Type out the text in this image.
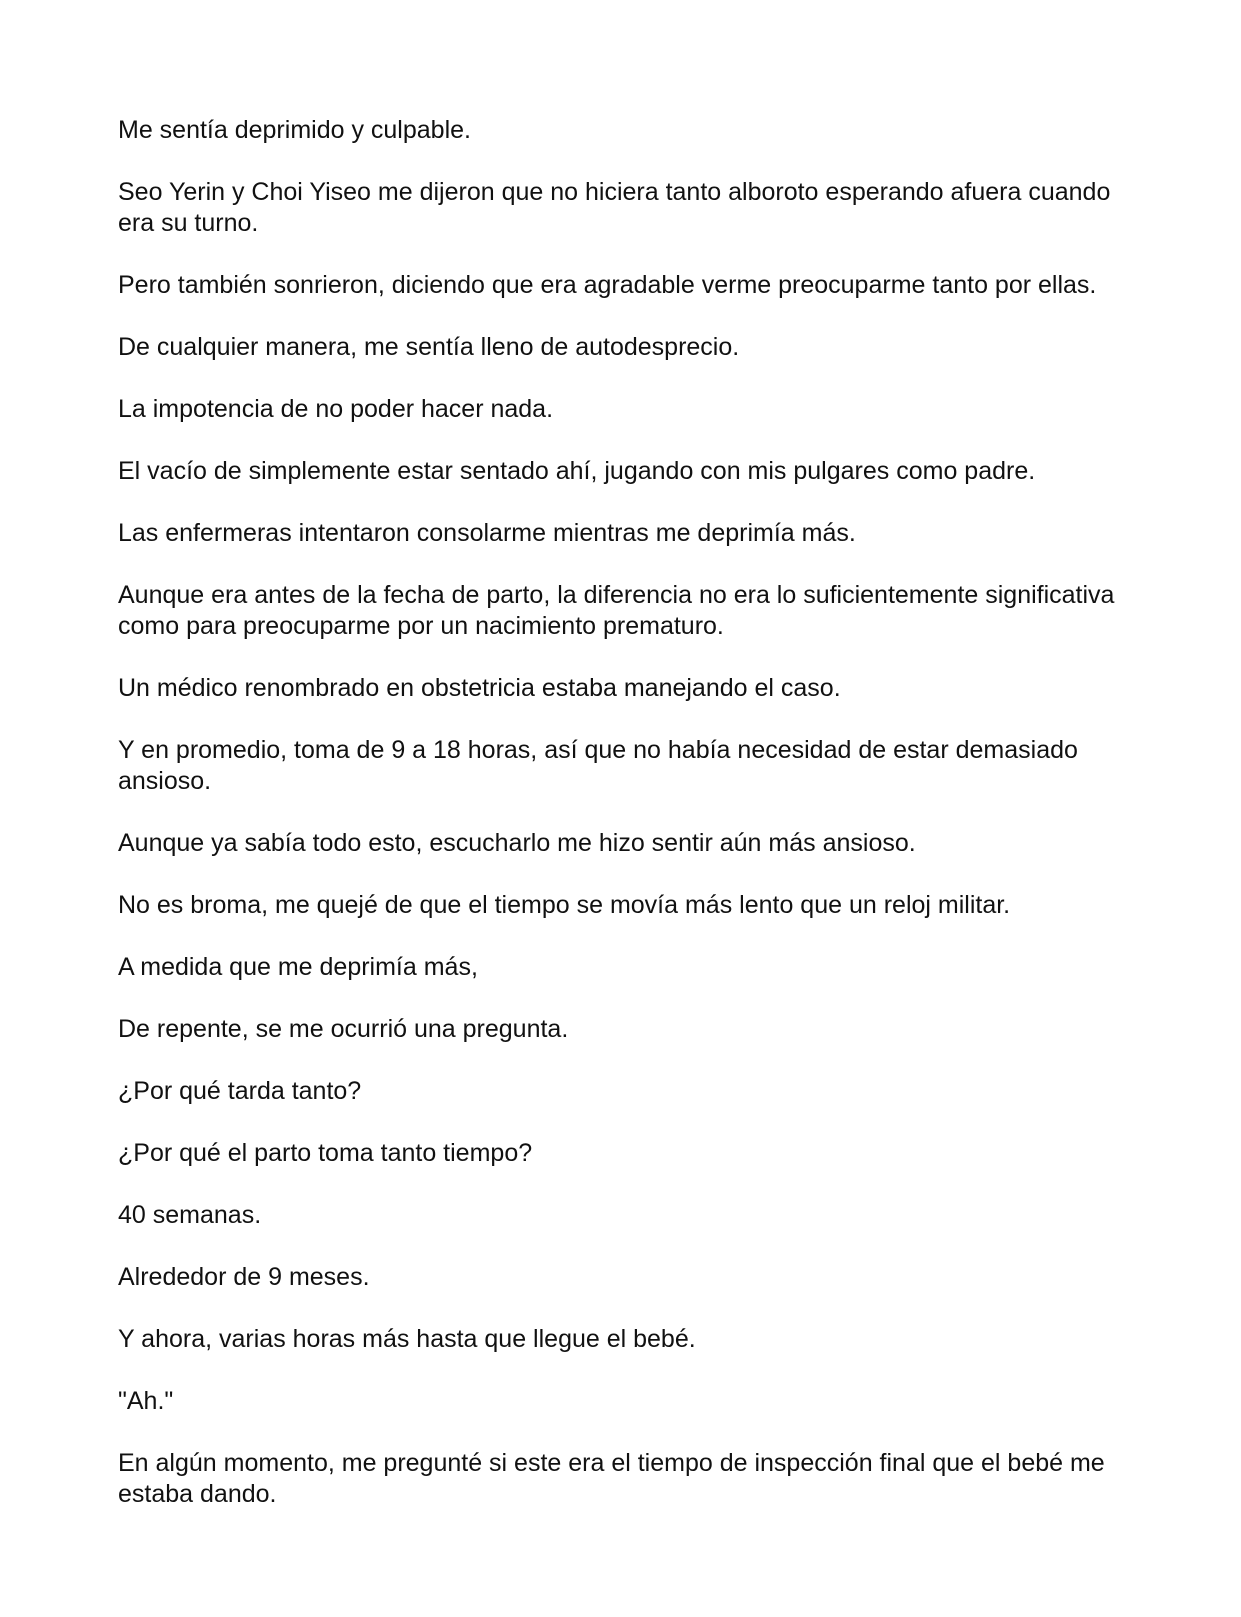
Me sentía deprimido y culpable.

Seo Yerin y Choi Yiseo me dijeron que no hiciera tanto alboroto esperando afuera cuando era su turno.

Pero también sonrieron, diciendo que era agradable verme preocuparme tanto por ellas.

De cualquier manera, me sentía lleno de autodesprecio.

La impotencia de no poder hacer nada.

El vacío de simplemente estar sentado ahí, jugando con mis pulgares como padre.

Las enfermeras intentaron consolarme mientras me deprimía más.

Aunque era antes de la fecha de parto, la diferencia no era lo suficientemente significativa como para preocuparme por un nacimiento prematuro.

Un médico renombrado en obstetricia estaba manejando el caso.

Y en promedio, toma de 9 a 18 horas, así que no había necesidad de estar demasiado ansioso.

Aunque ya sabía todo esto, escucharlo me hizo sentir aún más ansioso.

No es broma, me quejé de que el tiempo se movía más lento que un reloj militar.

A medida que me deprimía más,

De repente, se me ocurrió una pregunta.

¿Por qué tarda tanto?

¿Por qué el parto toma tanto tiempo?

40 semanas.

Alrededor de 9 meses.

Y ahora, varias horas más hasta que llegue el bebé.

"Ah."

En algún momento, me pregunté si este era el tiempo de inspección final que el bebé me estaba dando.
